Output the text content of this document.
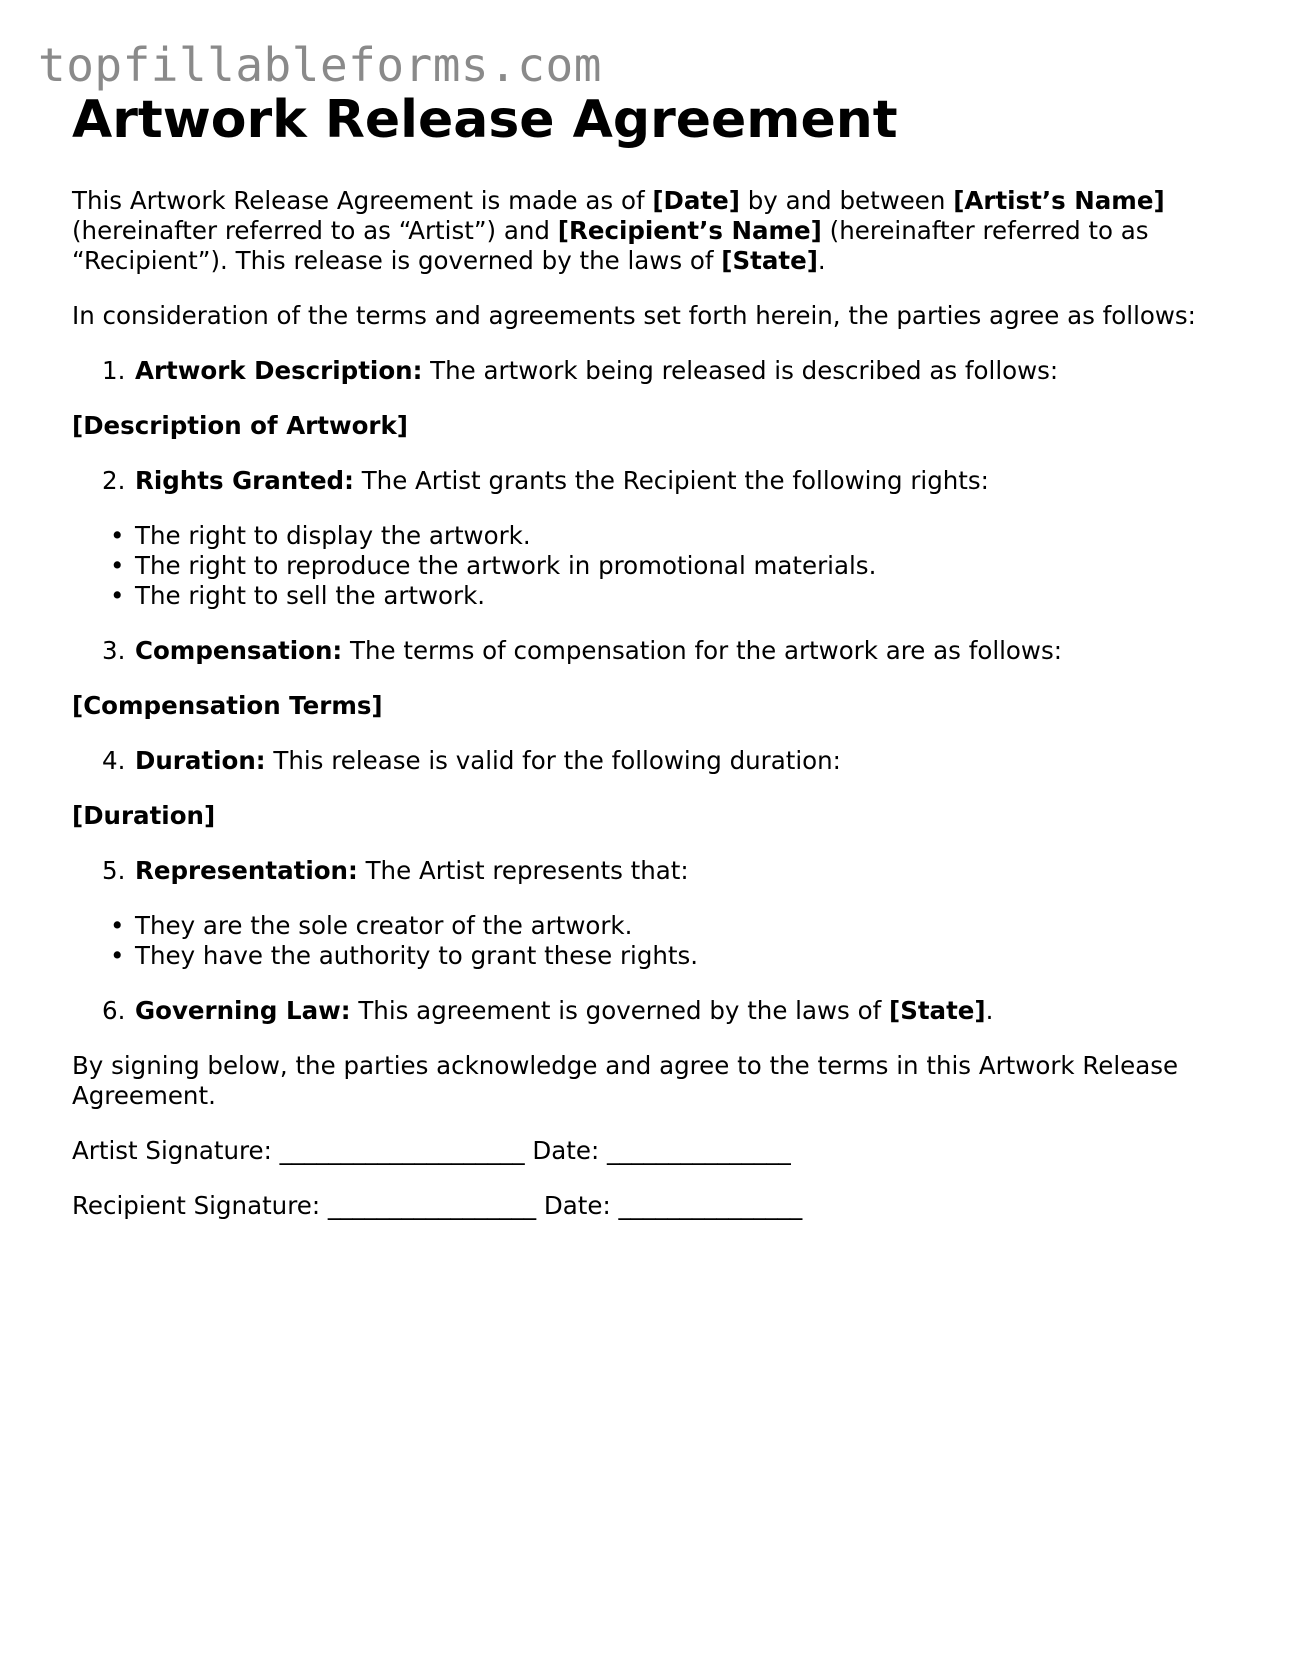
topfillableforms.com
Artwork Release Agreement

This Artwork Release Agreement is made as of [Date] by and between [Artist’s Name] (hereinafter referred to as “Artist”) and [Recipient’s Name] (hereinafter referred to as “Recipient”). This release is governed by the laws of [State].

In consideration of the terms and agreements set forth herein, the parties agree as follows:

1. Artwork Description: The artwork being released is described as follows:
[Description of Artwork]
2. Rights Granted: The Artist grants the Recipient the following rights:
• The right to display the artwork.
• The right to reproduce the artwork in promotional materials.
• The right to sell the artwork.
3. Compensation: The terms of compensation for the artwork are as follows:
[Compensation Terms]
4. Duration: This release is valid for the following duration:
[Duration]
5. Representation: The Artist represents that:
• They are the sole creator of the artwork.
• They have the authority to grant these rights.
6. Governing Law: This agreement is governed by the laws of [State].

By signing below, the parties acknowledge and agree to the terms in this Artwork Release Agreement.

Artist Signature: ____________________ Date: _______________
Recipient Signature: _________________ Date: _______________
